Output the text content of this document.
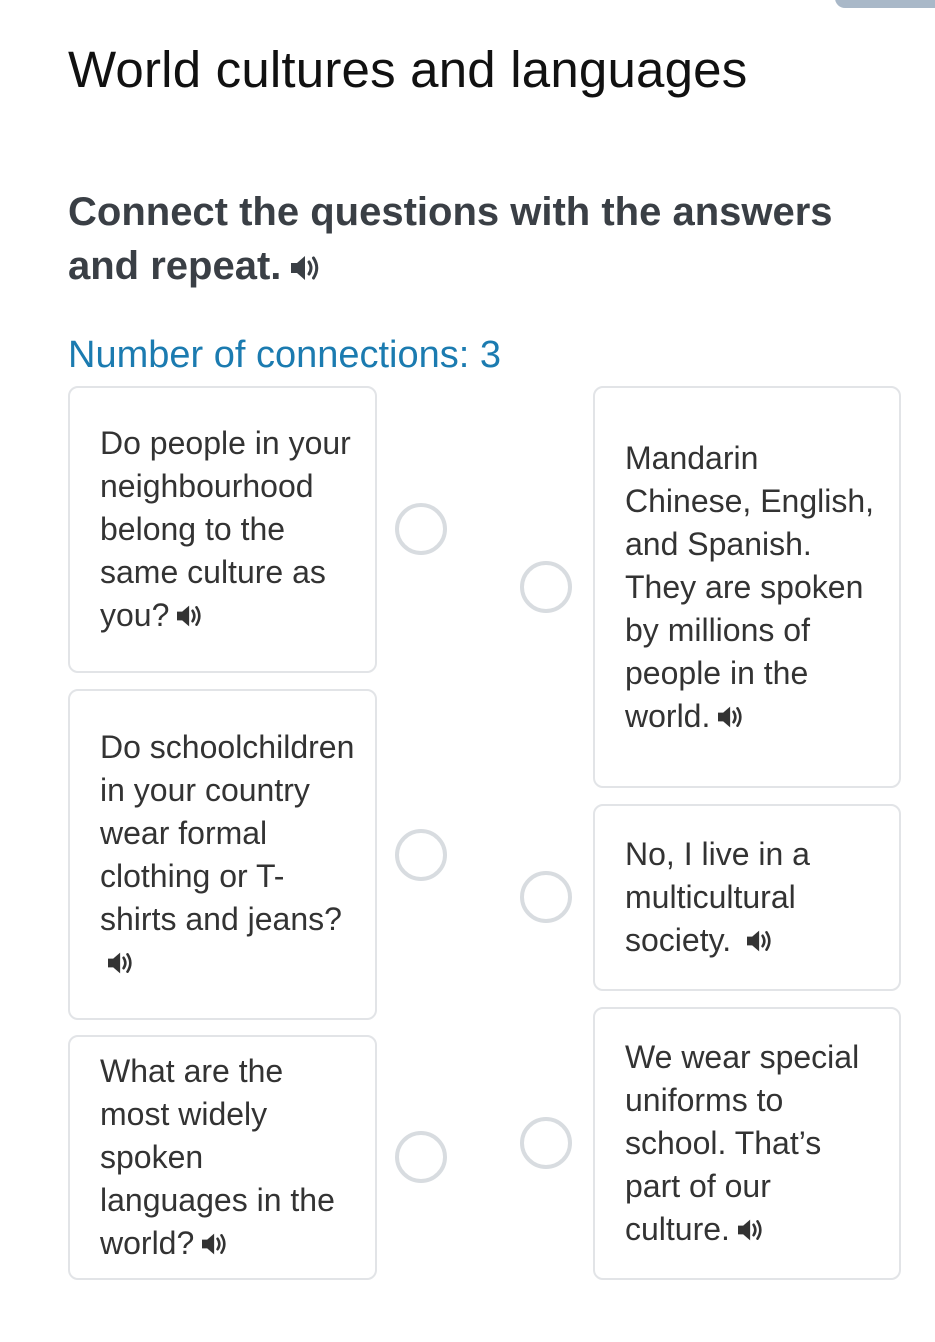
World cultures and languages

Connect the questions with the answers and repeat.

Number of connections: 3
Do people in your neighbourhood belong to the same culture as you?
Do schoolchildren in your country wear formal clothing or T-shirts and jeans?
What are the most widely spoken languages in the world?
Mandarin Chinese, English, and Spanish. They are spoken by millions of people in the world.
No, I live in a multicultural society.
We wear special uniforms to school. That’s part of our culture.
